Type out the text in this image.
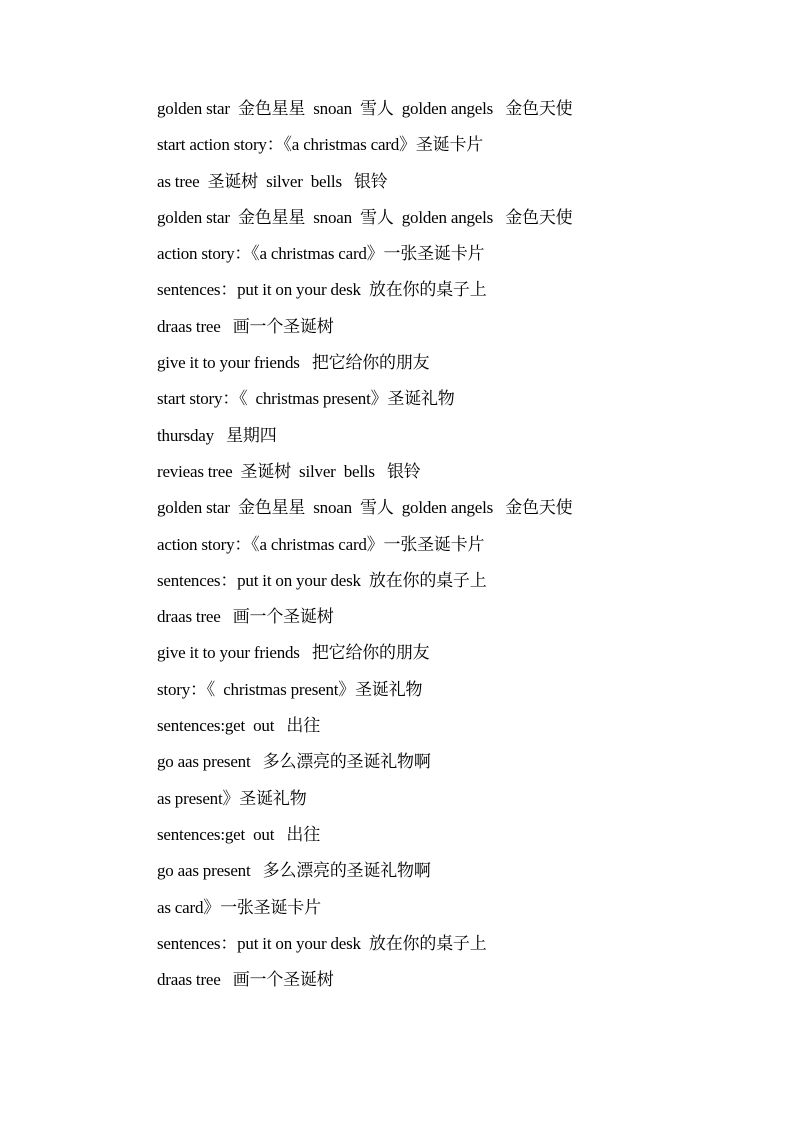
golden star  金色星星  snoan  雪人  golden angels   金色天使
start action story：《a christmas card》圣诞卡片
as tree  圣诞树  silver  bells   银铃
golden star  金色星星  snoan  雪人  golden angels   金色天使
action story：《a christmas card》一张圣诞卡片
sentences：put it on your desk  放在你的桌子上
draas tree   画一个圣诞树
give it to your friends   把它给你的朋友
start story：《  christmas present》圣诞礼物
thursday   星期四
revieas tree  圣诞树  silver  bells   银铃
golden star  金色星星  snoan  雪人  golden angels   金色天使
action story：《a christmas card》一张圣诞卡片
sentences：put it on your desk  放在你的桌子上
draas tree   画一个圣诞树
give it to your friends   把它给你的朋友
story：《  christmas present》圣诞礼物
sentences:get  out   出往
go aas present   多么漂亮的圣诞礼物啊
as present》圣诞礼物
sentences:get  out   出往
go aas present   多么漂亮的圣诞礼物啊
as card》一张圣诞卡片
sentences：put it on your desk  放在你的桌子上
draas tree   画一个圣诞树
